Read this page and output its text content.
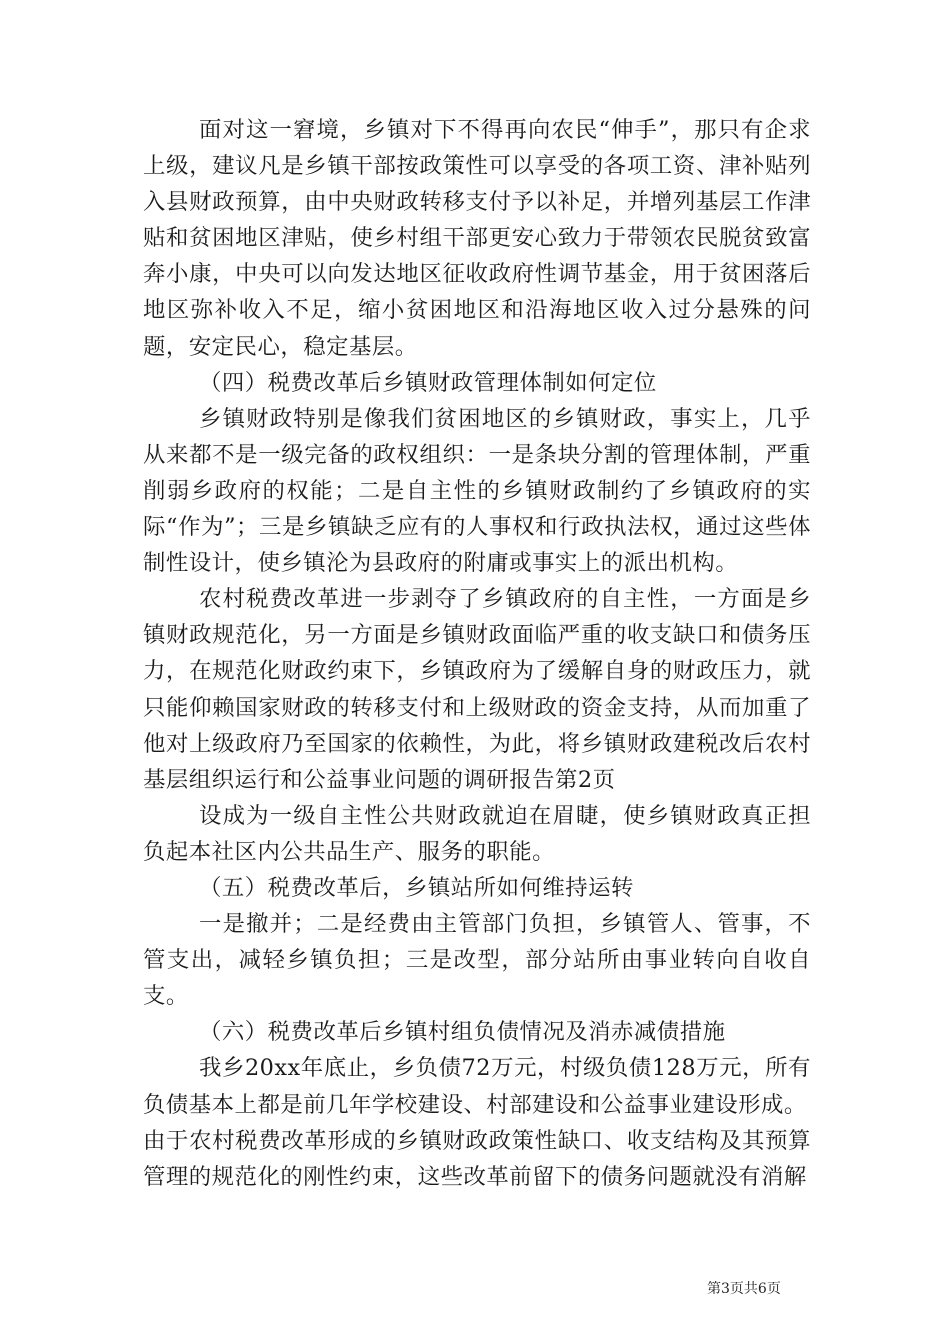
面对这一窘境，乡镇对下不得再向农民“伸手”，那只有企求上级，建议凡是乡镇干部按政策性可以享受的各项工资、津补贴列入县财政预算，由中央财政转移支付予以补足，并增列基层工作津贴和贫困地区津贴，使乡村组干部更安心致力于带领农民脱贫致富奔小康，中央可以向发达地区征收政府性调节基金，用于贫困落后地区弥补收入不足，缩小贫困地区和沿海地区收入过分悬殊的问题，安定民心，稳定基层。

（四）税费改革后乡镇财政管理体制如何定位

乡镇财政特别是像我们贫困地区的乡镇财政，事实上，几乎从来都不是一级完备的政权组织：一是条块分割的管理体制，严重削弱乡政府的权能；二是自主性的乡镇财政制约了乡镇政府的实际“作为”；三是乡镇缺乏应有的人事权和行政执法权，通过这些体制性设计，使乡镇沦为县政府的附庸或事实上的派出机构。

农村税费改革进一步剥夺了乡镇政府的自主性，一方面是乡镇财政规范化，另一方面是乡镇财政面临严重的收支缺口和债务压力，在规范化财政约束下，乡镇政府为了缓解自身的财政压力，就只能仰赖国家财政的转移支付和上级财政的资金支持，从而加重了他对上级政府乃至国家的依赖性，为此，将乡镇财政建税改后农村基层组织运行和公益事业问题的调研报告第2页

设成为一级自主性公共财政就迫在眉睫，使乡镇财政真正担负起本社区内公共品生产、服务的职能。

（五）税费改革后，乡镇站所如何维持运转

一是撤并；二是经费由主管部门负担，乡镇管人、管事，不管支出，减轻乡镇负担；三是改型，部分站所由事业转向自收自支。

（六）税费改革后乡镇村组负债情况及消赤减债措施

我乡20xx年底止，乡负债72万元，村级负债128万元，所有负债基本上都是前几年学校建设、村部建设和公益事业建设形成。

由于农村税费改革形成的乡镇财政政策性缺口、收支结构及其预算管理的规范化的刚性约束，这些改革前留下的债务问题就没有消解

第3页共6页
